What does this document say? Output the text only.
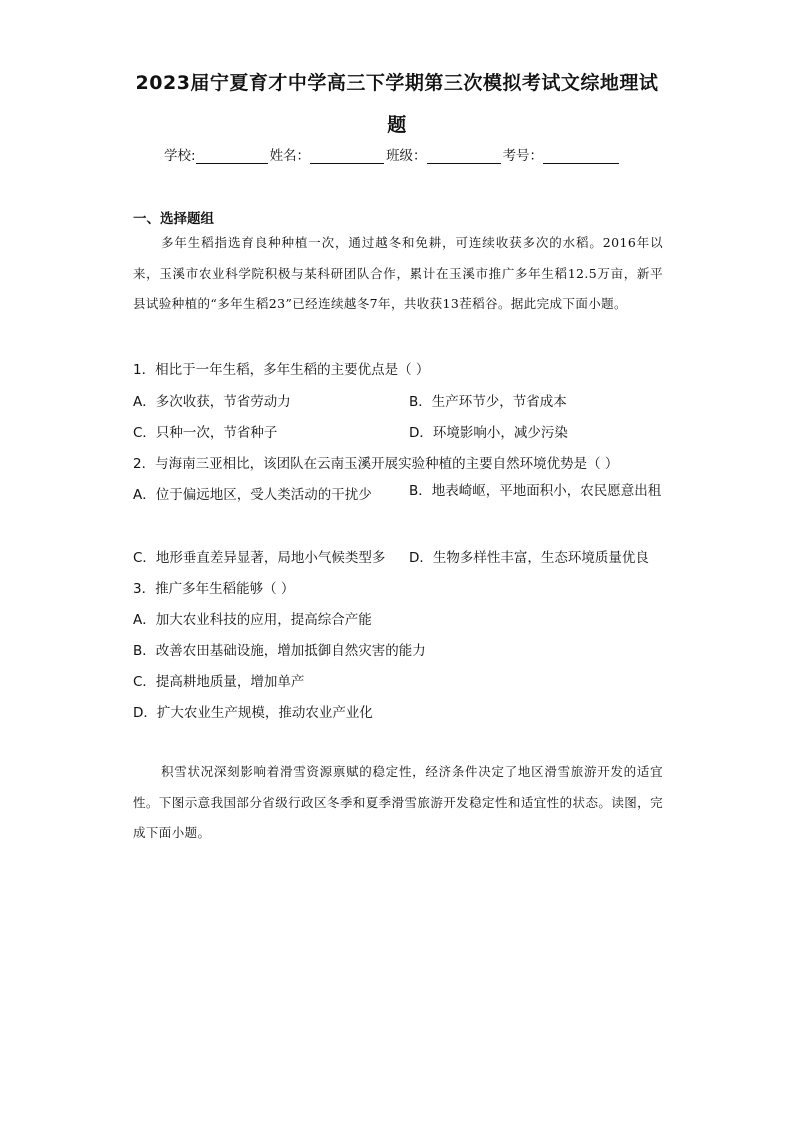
2023届宁夏育才中学高三下学期第三次模拟考试文综地理试
题
学校:	姓名：	班级：	考号：
一、选择题组

多年生稻指选育良种种植一次，通过越冬和免耕，可连续收获多次的水稻。2016年以来，玉溪市农业科学院积极与某科研团队合作，累计在玉溪市推广多年生稻12.5万亩，新平县试验种植的“多年生稻23”已经连续越冬7年，共收获13茬稻谷。据此完成下面小题。

1．相比于一年生稻，多年生稻的主要优点是（ ）
A．多次收获，节省劳动力	B．生产环节少，节省成本
C．只种一次，节省种子	D．环境影响小，减少污染
2．与海南三亚相比，该团队在云南玉溪开展实验种植的主要自然环境优势是（ ）
A．位于偏远地区，受人类活动的干扰少	B．地表崎岖，平地面积小，农民愿意出租
C．地形垂直差异显著，局地小气候类型多 D．生物多样性丰富，生态环境质量优良
3．推广多年生稻能够（ ）
A．加大农业科技的应用，提高综合产能
B．改善农田基础设施，增加抵御自然灾害的能力
C．提高耕地质量，增加单产
D．扩大农业生产规模，推动农业产业化

积雪状况深刻影响着滑雪资源禀赋的稳定性，经济条件决定了地区滑雪旅游开发的适宜性。下图示意我国部分省级行政区冬季和夏季滑雪旅游开发稳定性和适宜性的状态。读图，完成下面小题。
